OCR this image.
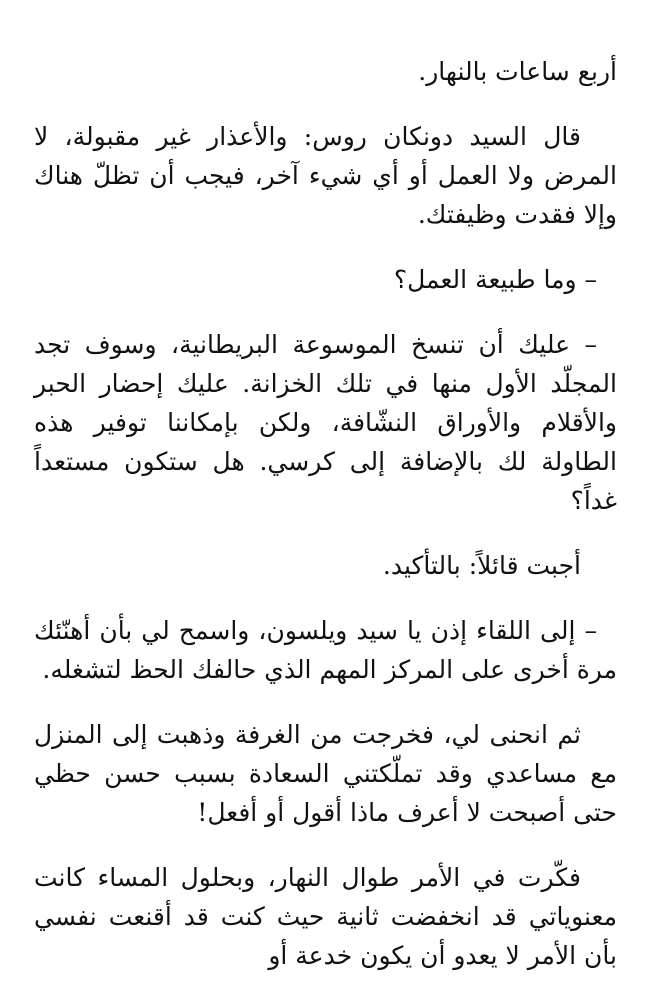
أربع ساعات بالنهار.

قال السيد دونكان روس: والأعذار غير مقبولة، لا المرض ولا العمل أو أي شيء آخر، فيجب أن تظلّ هناك وإلا فقدت وظيفتك.

– وما طبيعة العمل؟

– عليك أن تنسخ الموسوعة البريطانية، وسوف تجد المجلّد الأول منها في تلك الخزانة. عليك إحضار الحبر والأقلام والأوراق النشّافة، ولكن بإمكاننا توفير هذه الطاولة لك بالإضافة إلى كرسي. هل ستكون مستعداً غداً؟

أجبت قائلاً: بالتأكيد.

– إلى اللقاء إذن يا سيد ويلسون، واسمح لي بأن أهنّئك مرة أخرى على المركز المهم الذي حالفك الحظ لتشغله.

ثم انحنى لي، فخرجت من الغرفة وذهبت إلى المنزل مع مساعدي وقد تملّكتني السعادة بسبب حسن حظي حتى أصبحت لا أعرف ماذا أقول أو أفعل!

فكّرت في الأمر طوال النهار، وبحلول المساء كانت معنوياتي قد انخفضت ثانية حيث كنت قد أقنعت نفسي بأن الأمر لا يعدو أن يكون خدعة أو
